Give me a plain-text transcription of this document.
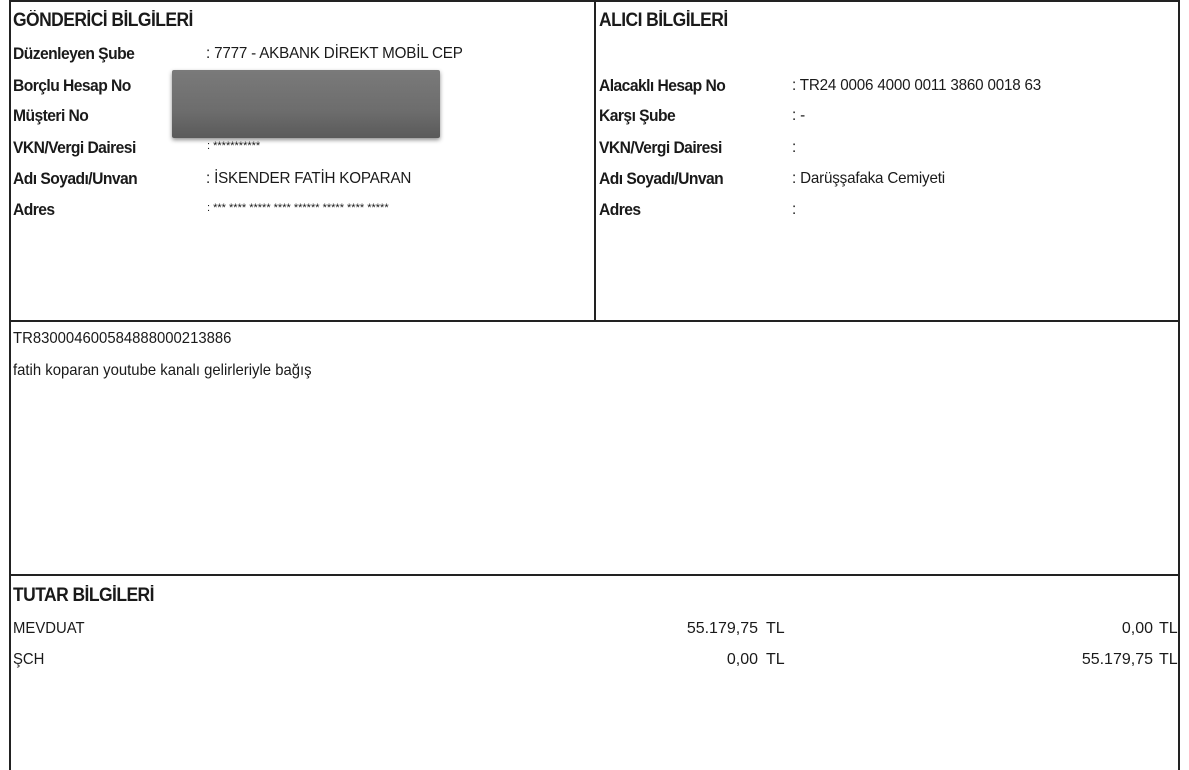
GÖNDERİCİ BİLGİLERİ
Düzenleyen Şube	: 7777 - AKBANK DİREKT MOBİL CEP
Borçlu Hesap No
Müşteri No
VKN/Vergi Dairesi	: ***********
Adı Soyadı/Unvan	: İSKENDER FATİH KOPARAN
Adres	: *** **** ***** **** ****** ***** **** *****
ALICI BİLGİLERİ
Alacaklı Hesap No	: TR24 0006 4000 0011 3860 0018 63
Karşı Şube	: -
VKN/Vergi Dairesi	:
Adı Soyadı/Unvan	: Darüşşafaka Cemiyeti
Adres	:
TR830004600584888000213886
fatih koparan youtube kanalı gelirleriyle bağış
TUTAR BİLGİLERİ
MEVDUAT	55.179,75 TL	0,00 TL
ŞCH	0,00 TL	55.179,75 TL
